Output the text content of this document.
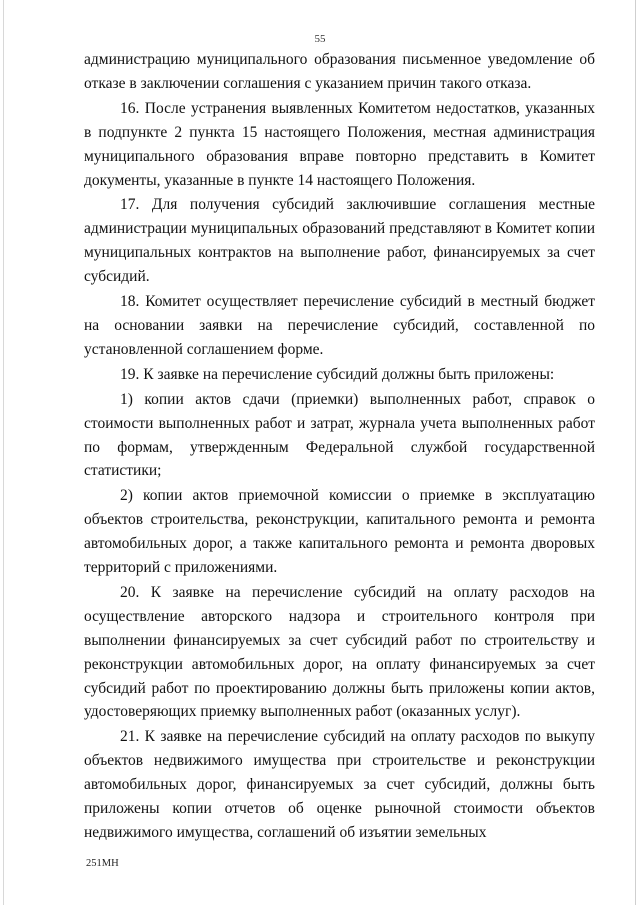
55

администрацию муниципального образования письменное уведомление об отказе в заключении соглашения с указанием причин такого отказа.

16. После устранения выявленных Комитетом недостатков, указанных в подпункте 2 пункта 15 настоящего Положения, местная администрация муниципального образования вправе повторно представить в Комитет документы, указанные в пункте 14 настоящего Положения.

17. Для получения субсидий заключившие соглашения местные администрации муниципальных образований представляют в Комитет копии муниципальных контрактов на выполнение работ, финансируемых за счет субсидий.

18. Комитет осуществляет перечисление субсидий в местный бюджет на основании заявки на перечисление субсидий, составленной по установленной соглашением форме.

19. К заявке на перечисление субсидий должны быть приложены:

1) копии актов сдачи (приемки) выполненных работ, справок о стоимости выполненных работ и затрат, журнала учета выполненных работ по формам, утвержденным Федеральной службой государственной статистики;

2) копии актов приемочной комиссии о приемке в эксплуатацию объектов строительства, реконструкции, капитального ремонта и ремонта автомобильных дорог, а также капитального ремонта и ремонта дворовых территорий с приложениями.

20. К заявке на перечисление субсидий на оплату расходов на осуществление авторского надзора и строительного контроля при выполнении финансируемых за счет субсидий работ по строительству и реконструкции автомобильных дорог, на оплату финансируемых за счет субсидий работ по проектированию должны быть приложены копии актов, удостоверяющих приемку выполненных работ (оказанных услуг).

21. К заявке на перечисление субсидий на оплату расходов по выкупу объектов недвижимого имущества при строительстве и реконструкции автомобильных дорог, финансируемых за счет субсидий, должны быть приложены копии отчетов об оценке рыночной стоимости объектов недвижимого имущества, соглашений об изъятии земельных

251МН
